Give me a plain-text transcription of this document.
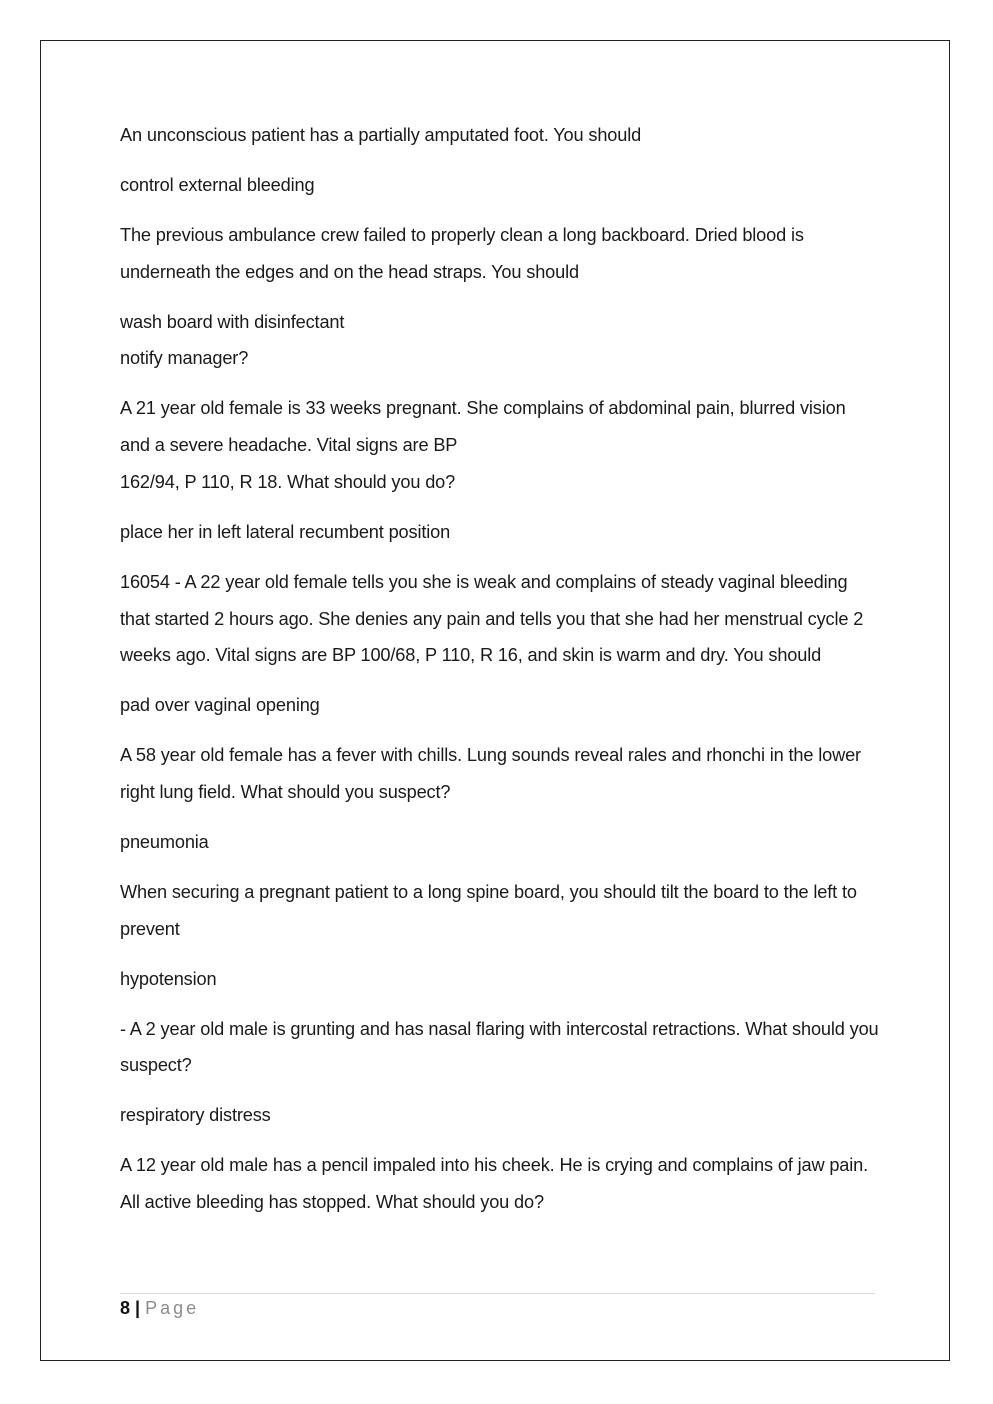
An unconscious patient has a partially amputated foot. You should

control external bleeding

The previous ambulance crew failed to properly clean a long backboard. Dried blood is underneath the edges and on the head straps. You should

wash board with disinfectant

notify manager?

A 21 year old female is 33 weeks pregnant. She complains of abdominal pain, blurred vision and a severe headache. Vital signs are BP

162/94, P 110, R 18. What should you do?

place her in left lateral recumbent position

16054 - A 22 year old female tells you she is weak and complains of steady vaginal bleeding that started 2 hours ago. She denies any pain and tells you that she had her menstrual cycle 2 weeks ago. Vital signs are BP 100/68, P 110, R 16, and skin is warm and dry. You should

pad over vaginal opening

A 58 year old female has a fever with chills. Lung sounds reveal rales and rhonchi in the lower right lung field. What should you suspect?

pneumonia

When securing a pregnant patient to a long spine board, you should tilt the board to the left to prevent

hypotension

- A 2 year old male is grunting and has nasal flaring with intercostal retractions. What should you suspect?

respiratory distress

A 12 year old male has a pencil impaled into his cheek. He is crying and complains of jaw pain. All active bleeding has stopped. What should you do?

8 | Page
